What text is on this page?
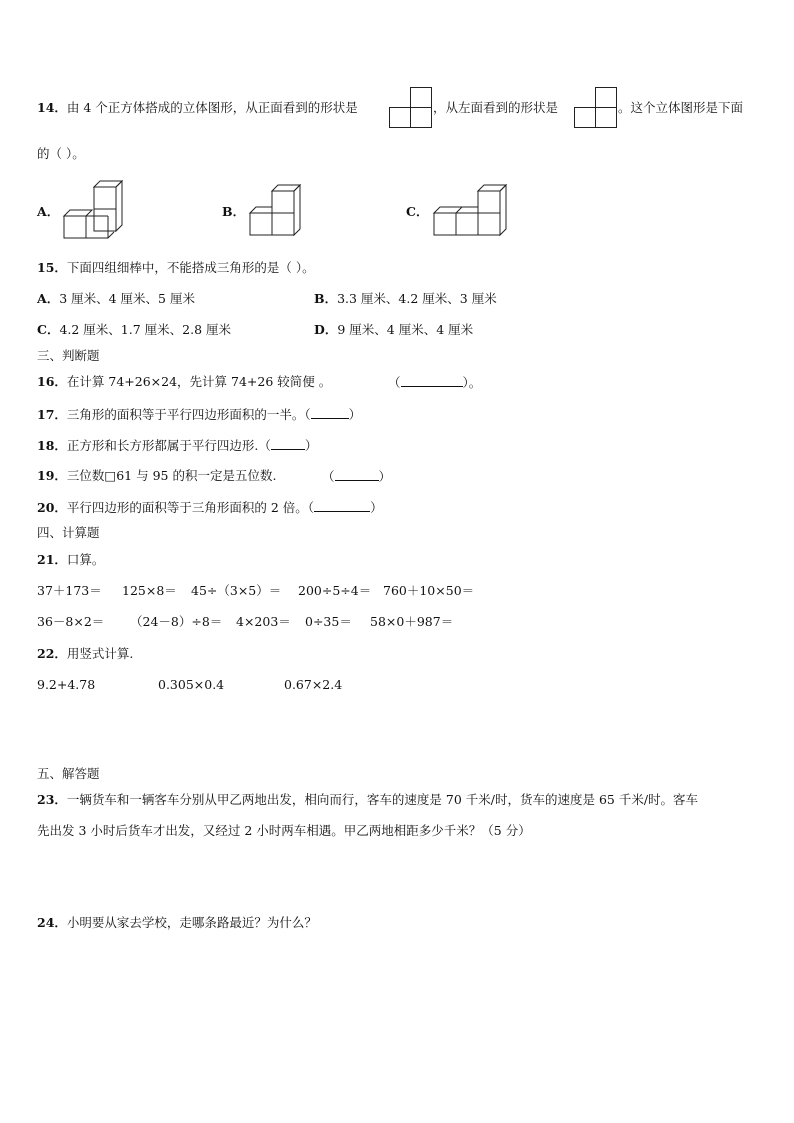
14．由 4 个正方体搭成的立体图形，从正面看到的形状是	，从左面看到的形状是	。这个立体图形是下面
的（ ）。
A．	B．	C．
15．下面四组细棒中，不能搭成三角形的是（ ）。
A．3 厘米、4 厘米、5 厘米	B．3.3 厘米、4.2 厘米、3 厘米
C．4.2 厘米、1.7 厘米、2.8 厘米	D．9 厘米、4 厘米、4 厘米
三、判断题
16．在计算 74+26×24，先计算 74+26 较简便 。	（	）。
17．三角形的面积等于平行四边形面积的一半。（	）
18．正方形和长方形都属于平行四边形.（	）
19．三位数□61 与 95 的积一定是五位数.	（	）
20．平行四边形的面积等于三角形面积的 2 倍。（	）
四、计算题
21．口算。
37＋173＝ 125×8＝ 45÷（3×5）＝ 200÷5÷4＝ 760＋10×50＝
36－8×2＝ （24－8）÷8＝ 4×203＝ 0÷35＝ 58×0＋987＝
22．用竖式计算.
9.2+4.78	0.305×0.4	0.67×2.4
五、解答题
23．一辆货车和一辆客车分别从甲乙两地出发，相向而行，客车的速度是 70 千米/时，货车的速度是 65 千米/时。客车
先出发 3 小时后货车才出发，又经过 2 小时两车相遇。甲乙两地相距多少千米？（5 分）
24．小明要从家去学校，走哪条路最近？为什么？
